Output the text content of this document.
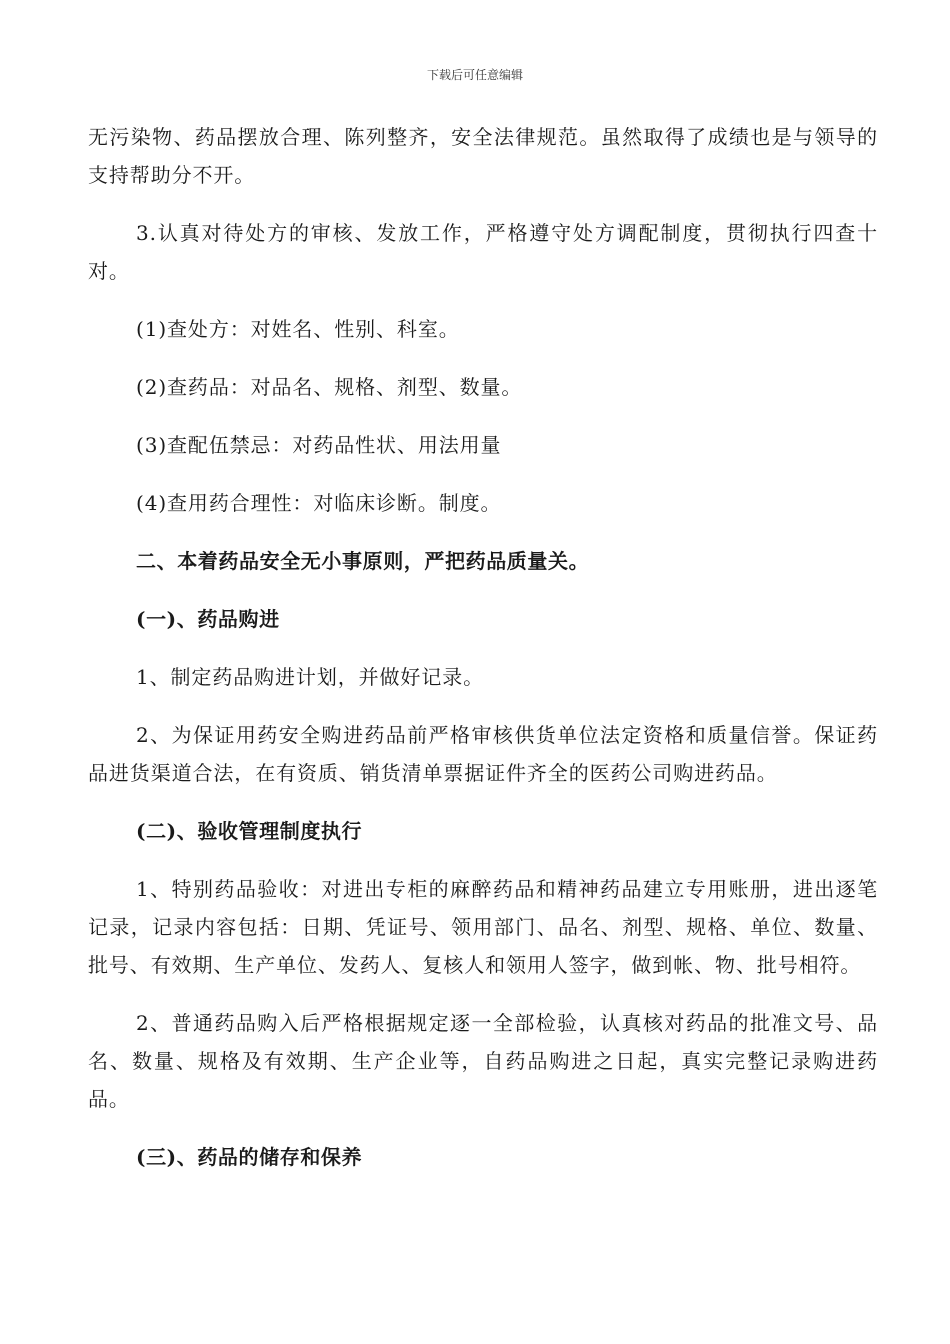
下载后可任意编辑

无污染物、药品摆放合理、陈列整齐，安全法律规范。虽然取得了成绩也是与领导的支持帮助分不开。

3.认真对待处方的审核、发放工作，严格遵守处方调配制度，贯彻执行四查十对。

(1)查处方：对姓名、性别、科室。

(2)查药品：对品名、规格、剂型、数量。

(3)查配伍禁忌：对药品性状、用法用量

(4)查用药合理性：对临床诊断。制度。

二、本着药品安全无小事原则，严把药品质量关。

(一)、药品购进

1、制定药品购进计划，并做好记录。

2、为保证用药安全购进药品前严格审核供货单位法定资格和质量信誉。保证药品进货渠道合法，在有资质、销货清单票据证件齐全的医药公司购进药品。

(二)、验收管理制度执行

1、特别药品验收：对进出专柜的麻醉药品和精神药品建立专用账册，进出逐笔记录，记录内容包括：日期、凭证号、领用部门、品名、剂型、规格、单位、数量、批号、有效期、生产单位、发药人、复核人和领用人签字，做到帐、物、批号相符。

2、普通药品购入后严格根据规定逐一全部检验，认真核对药品的批准文号、品名、数量、规格及有效期、生产企业等，自药品购进之日起，真实完整记录购进药品。

(三)、药品的储存和保养
